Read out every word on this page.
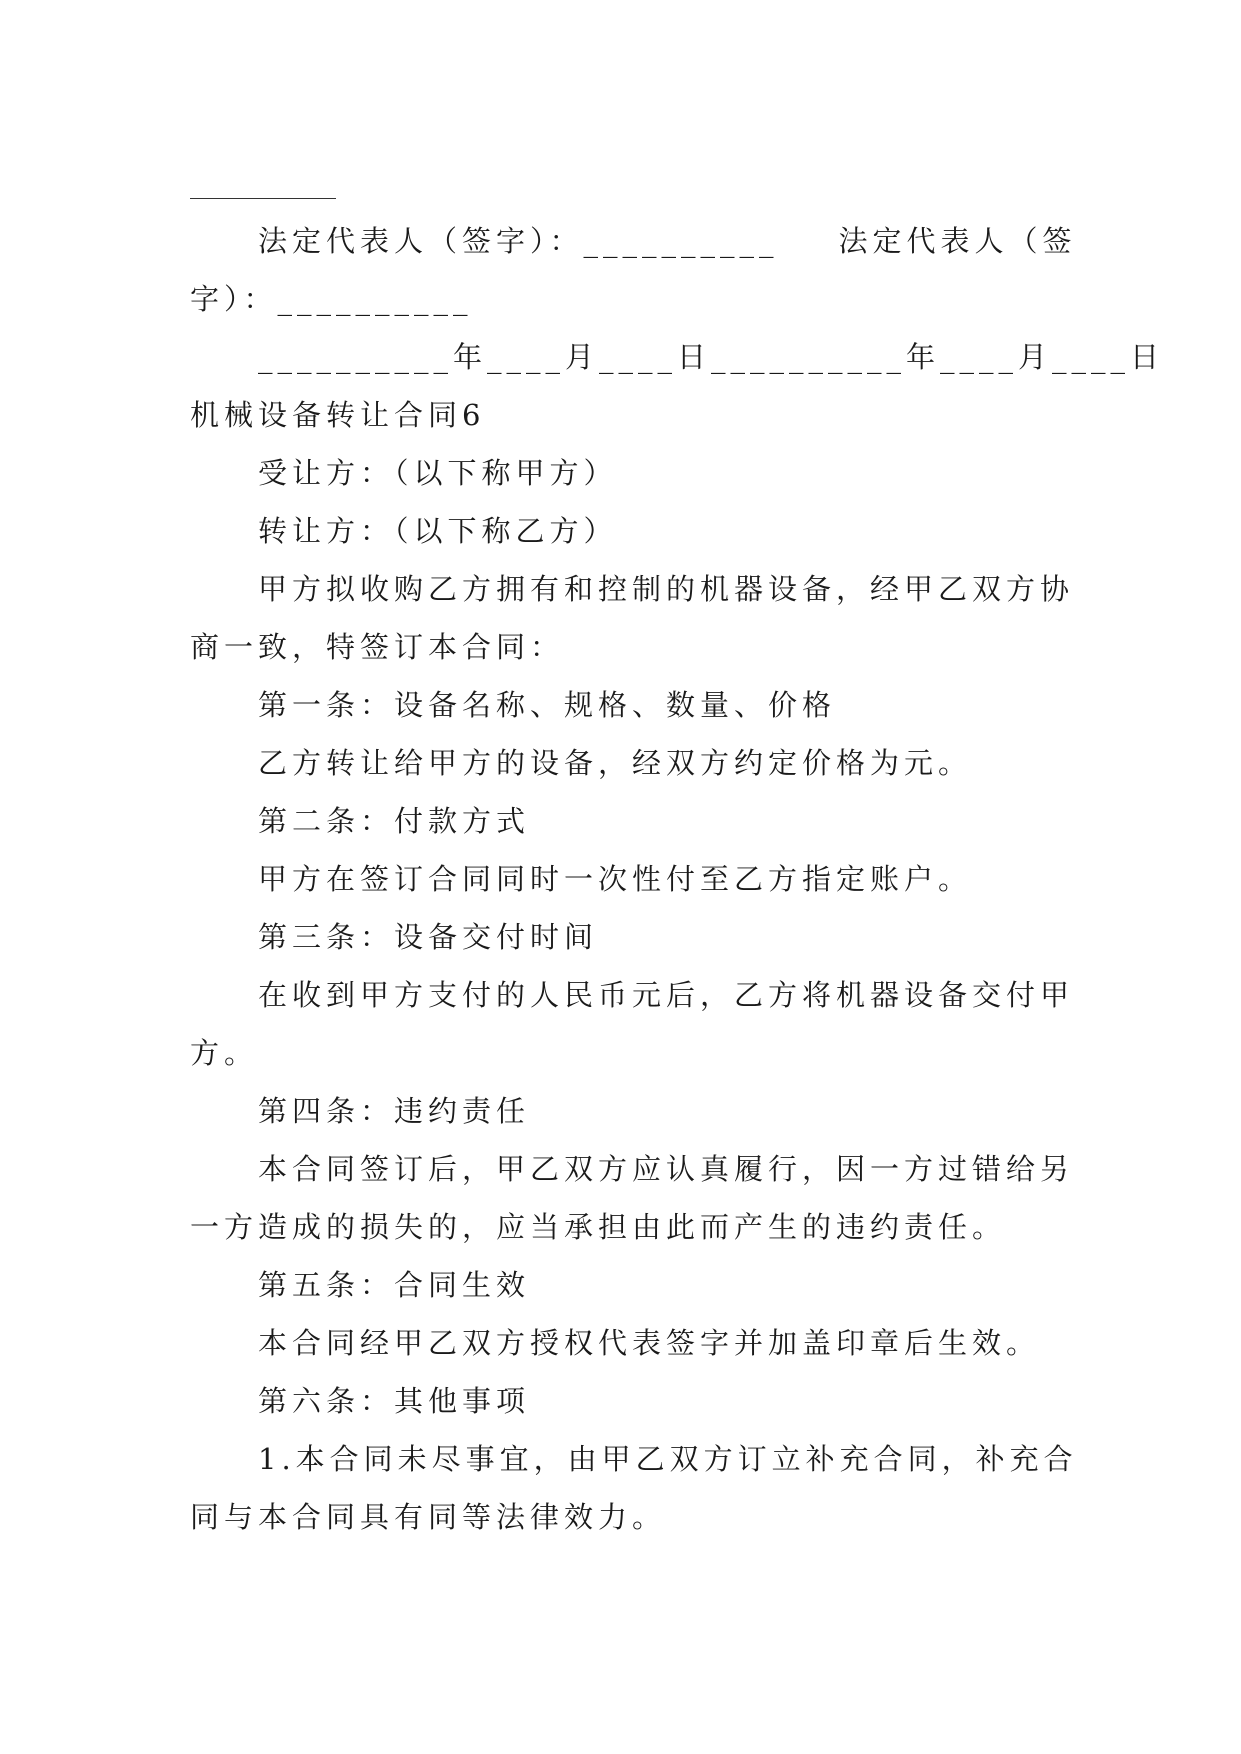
法定代表人（签字）：__________ 法定代表人（签
字）：__________
__________年____月____日__________年____月____日
机械设备转让合同6
受让方：（以下称甲方）
转让方：（以下称乙方）
甲方拟收购乙方拥有和控制的机器设备，经甲乙双方协
商一致，特签订本合同：
第一条：设备名称、规格、数量、价格
乙方转让给甲方的设备，经双方约定价格为元。
第二条：付款方式
甲方在签订合同同时一次性付至乙方指定账户。
第三条：设备交付时间
在收到甲方支付的人民币元后，乙方将机器设备交付甲
方。
第四条：违约责任
本合同签订后，甲乙双方应认真履行，因一方过错给另
一方造成的损失的，应当承担由此而产生的违约责任。
第五条：合同生效
本合同经甲乙双方授权代表签字并加盖印章后生效。
第六条：其他事项
1.本合同未尽事宜，由甲乙双方订立补充合同，补充合
同与本合同具有同等法律效力。
